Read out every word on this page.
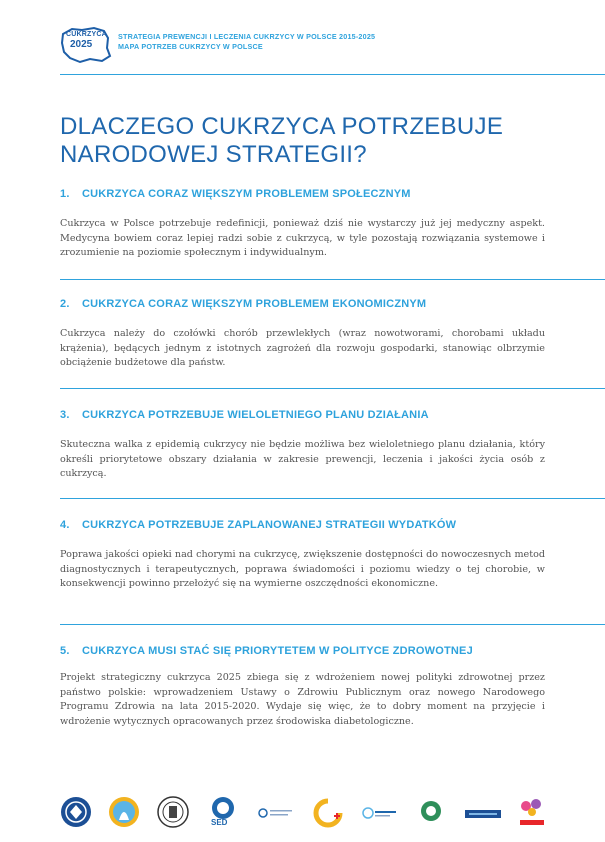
CUKRZYCA
2025
STRATEGIA PREWENCJI I LECZENIA CUKRZYCY W POLSCE 2015-2025
MAPA POTRZEB CUKRZYCY W POLSCE
DLACZEGO CUKRZYCA POTRZEBUJE
NARODOWEJ STRATEGII?
1. CUKRZYCA CORAZ WIĘKSZYM PROBLEMEM SPOŁECZNYM

Cukrzyca w Polsce potrzebuje redefinicji, ponieważ dziś nie wystarczy już jej medyczny aspekt. Medycyna bowiem coraz lepiej radzi sobie z cukrzycą, w tyle pozostają rozwiązania systemowe i zrozumienie na poziomie społecznym i indywidualnym.

2. CUKRZYCA CORAZ WIĘKSZYM PROBLEMEM EKONOMICZNYM

Cukrzyca należy do czołówki chorób przewlekłych (wraz nowotworami, chorobami układu krążenia), będących jednym z istotnych zagrożeń dla rozwoju gospodarki, stanowiąc olbrzymie obciążenie budżetowe dla państw.

3. CUKRZYCA POTRZEBUJE WIELOLETNIEGO PLANU DZIAŁANIA

Skuteczna walka z epidemią cukrzycy nie będzie możliwa bez wieloletniego planu działania, który określi priorytetowe obszary działania w zakresie prewencji, leczenia i jakości życia osób z cukrzycą.

4. CUKRZYCA POTRZEBUJE ZAPLANOWANEJ STRATEGII WYDATKÓW

Poprawa jakości opieki nad chorymi na cukrzycę, zwiększenie dostępności do nowoczesnych metod diagnostycznych i terapeutycznych, poprawa świadomości i poziomu wiedzy o tej chorobie, w konsekwencji powinno przełożyć się na wymierne oszczędności ekonomiczne.

5. CUKRZYCA MUSI STAĆ SIĘ PRIORYTETEM W POLITYCE ZDROWOTNEJ

Projekt strategiczny cukrzyca 2025 zbiega się z wdrożeniem nowej polityki zdrowotnej przez państwo polskie: wprowadzeniem Ustawy o Zdrowiu Publicznym oraz nowego Narodowego Programu Zdrowia na lata 2015-2020. Wydaje się więc, że to dobry moment na przyjęcie i wdrożenie wytycznych opracowanych przez środowiska diabetologiczne.

SED
